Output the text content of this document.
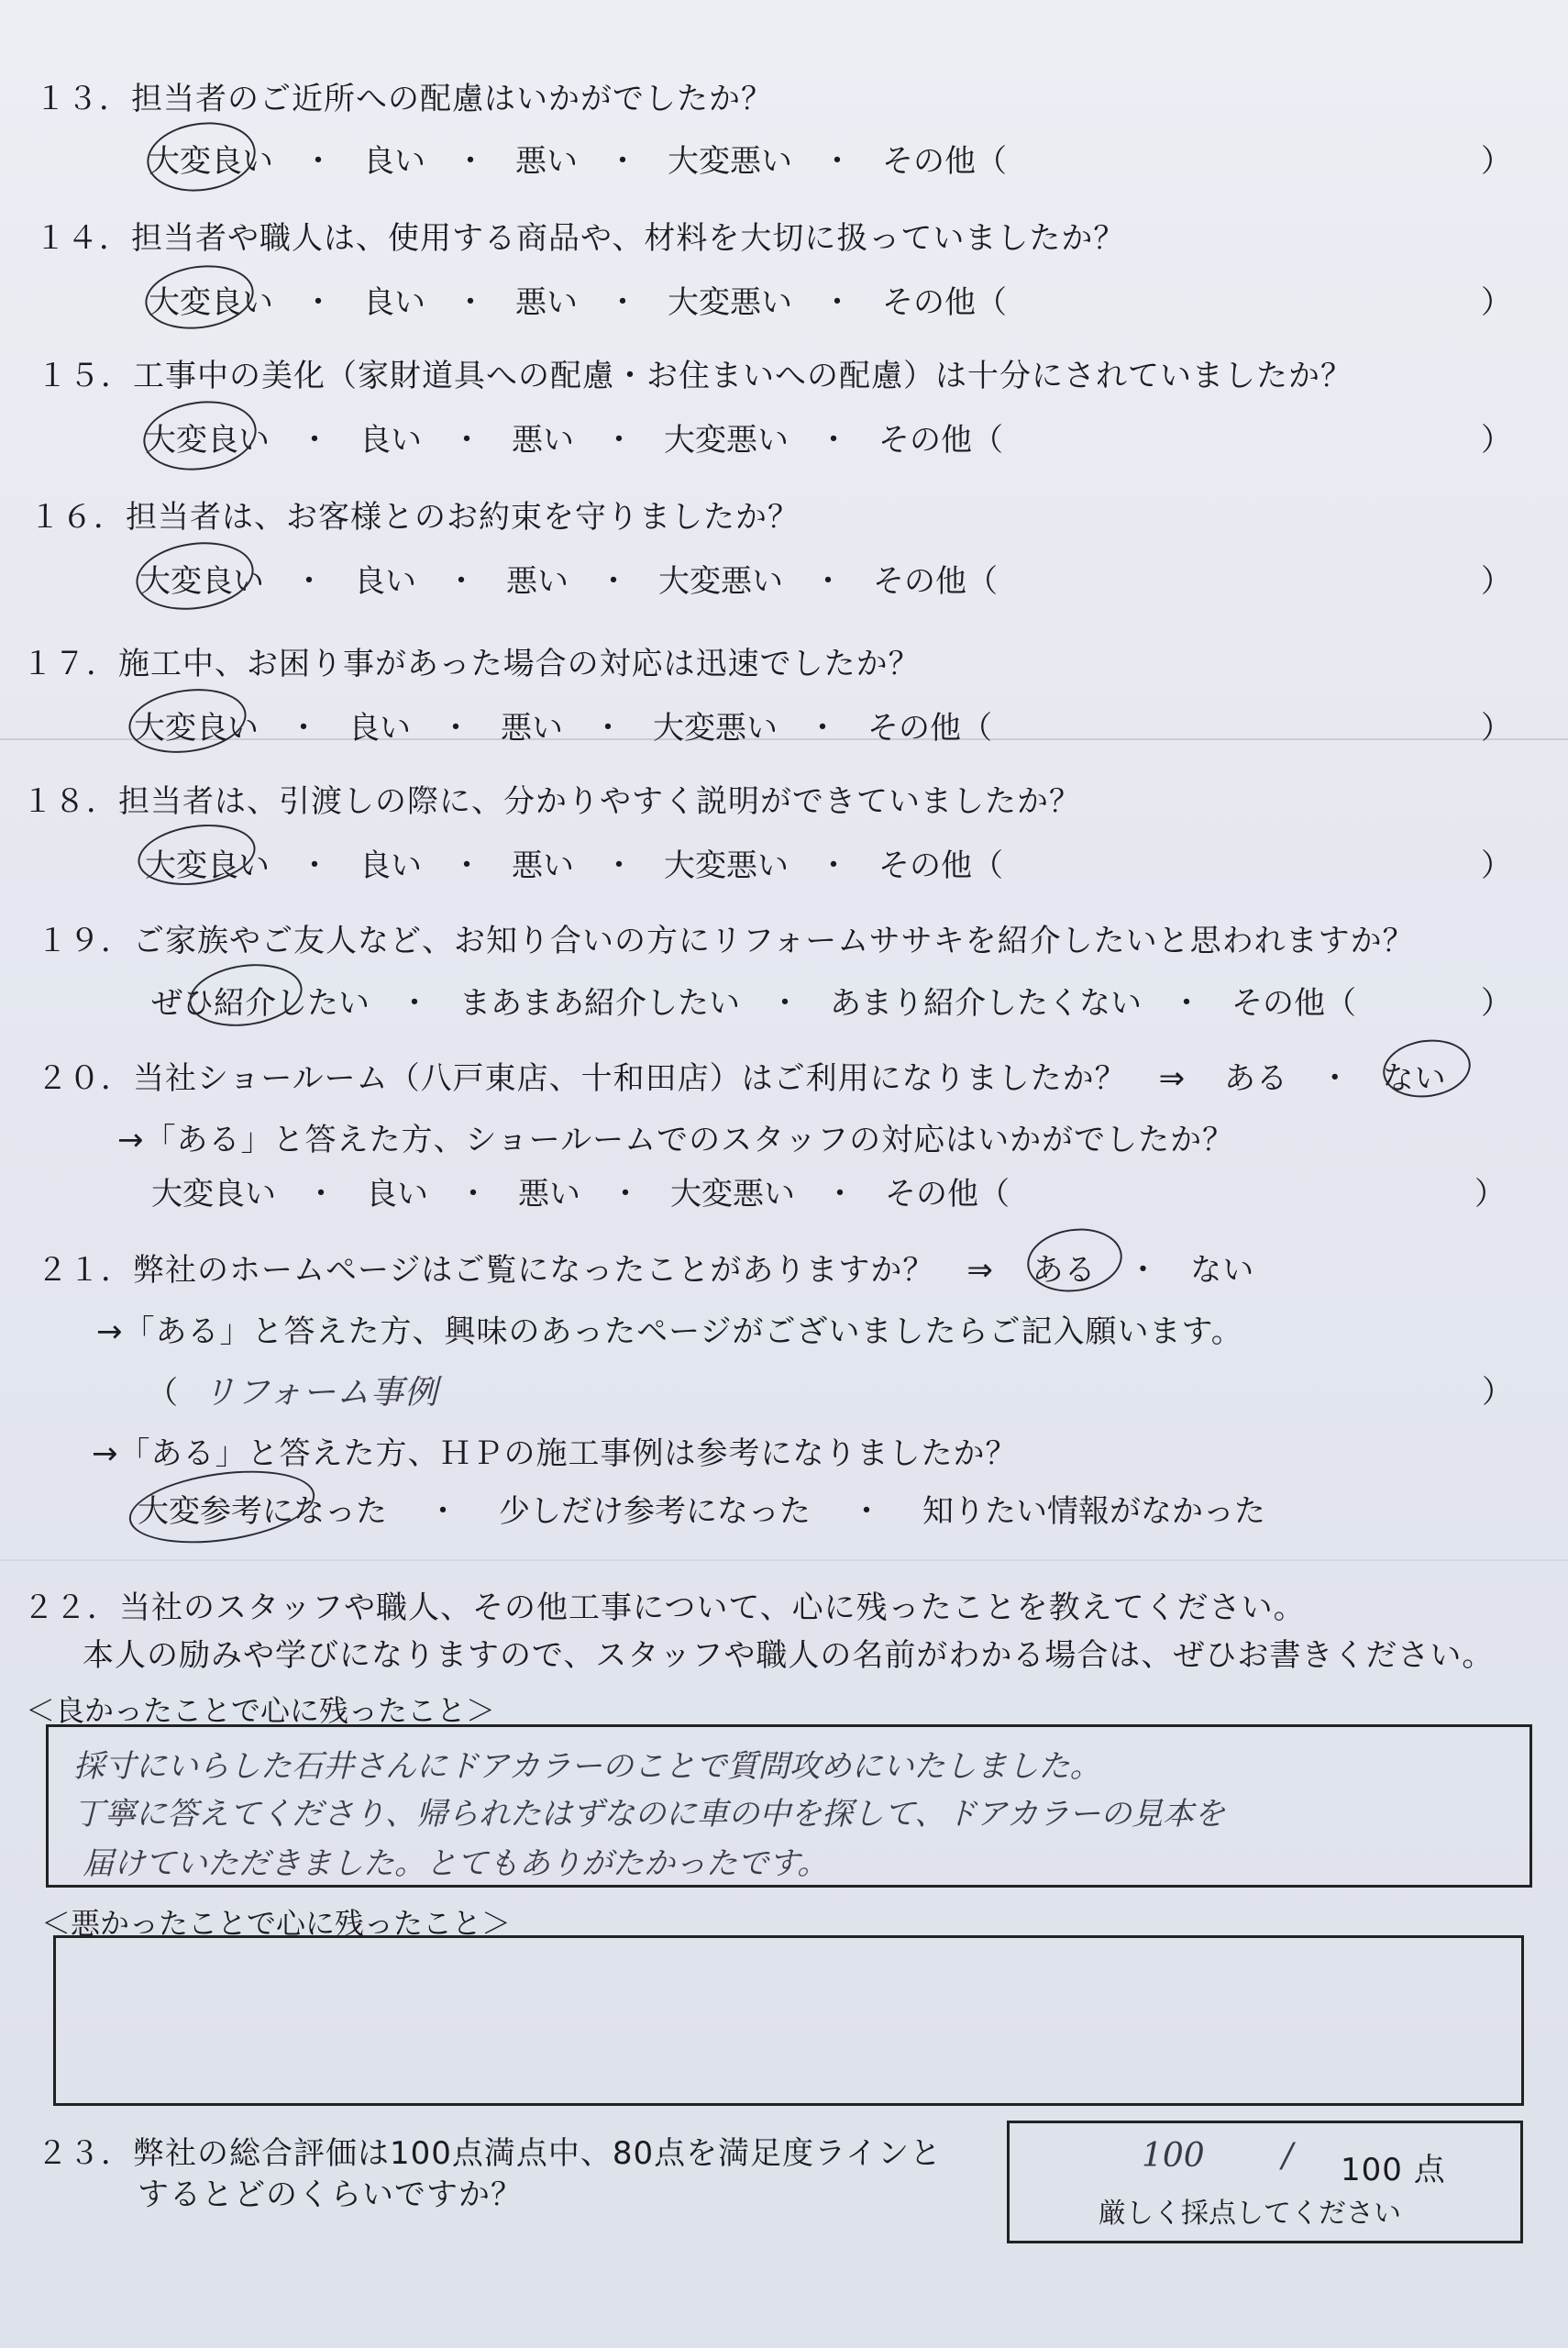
１３．担当者のご近所への配慮はいかがでしたか？
大変良い ・ 良い ・ 悪い ・ 大変悪い ・ その他（	）
１４．担当者や職人は、使用する商品や、材料を大切に扱っていましたか？
大変良い ・ 良い ・ 悪い ・ 大変悪い ・ その他（	）
１５．工事中の美化（家財道具への配慮・お住まいへの配慮）は十分にされていましたか？
大変良い ・ 良い ・ 悪い ・ 大変悪い ・ その他（	）
１６．担当者は、お客様とのお約束を守りましたか？
大変良い ・ 良い ・ 悪い ・ 大変悪い ・ その他（	）
１７．施工中、お困り事があった場合の対応は迅速でしたか？
大変良い ・ 良い ・ 悪い ・ 大変悪い ・ その他（	）
１８．担当者は、引渡しの際に、分かりやすく説明ができていましたか？
大変良い ・ 良い ・ 悪い ・ 大変悪い ・ その他（	）
１９．ご家族やご友人など、お知り合いの方にリフォームササキを紹介したいと思われますか？
ぜひ紹介したい ・ まあまあ紹介したい ・ あまり紹介したくない ・ その他（	）
２０．当社ショールーム（八戸東店、十和田店）はご利用になりましたか？　⇒ ある ・ ない
→「ある」と答えた方、ショールームでのスタッフの対応はいかがでしたか？
大変良い ・ 良い ・ 悪い ・ 大変悪い ・ その他（	）
２１．弊社のホームページはご覧になったことがありますか？　⇒ ある ・ ない
→「ある」と答えた方、興味のあったページがございましたらご記入願います。
（ リフォーム事例	）
→「ある」と答えた方、ＨＰの施工事例は参考になりましたか？
大変参考になった ・ 少しだけ参考になった ・ 知りたい情報がなかった
２２．当社のスタッフや職人、その他工事について、心に残ったことを教えてください。
本人の励みや学びになりますので、スタッフや職人の名前がわかる場合は、ぜひお書きください。
＜良かったことで心に残ったこと＞
採寸にいらした石井さんにドアカラーのことで質問攻めにいたしました。
丁寧に答えてくださり、帰られたはずなのに車の中を探して、ドアカラーの見本を
届けていただきました。とてもありがたかったです。
＜悪かったことで心に残ったこと＞
２３．弊社の総合評価は100点満点中、80点を満足度ラインと
するとどのくらいですか？
100 / 100 点
厳しく採点してください
